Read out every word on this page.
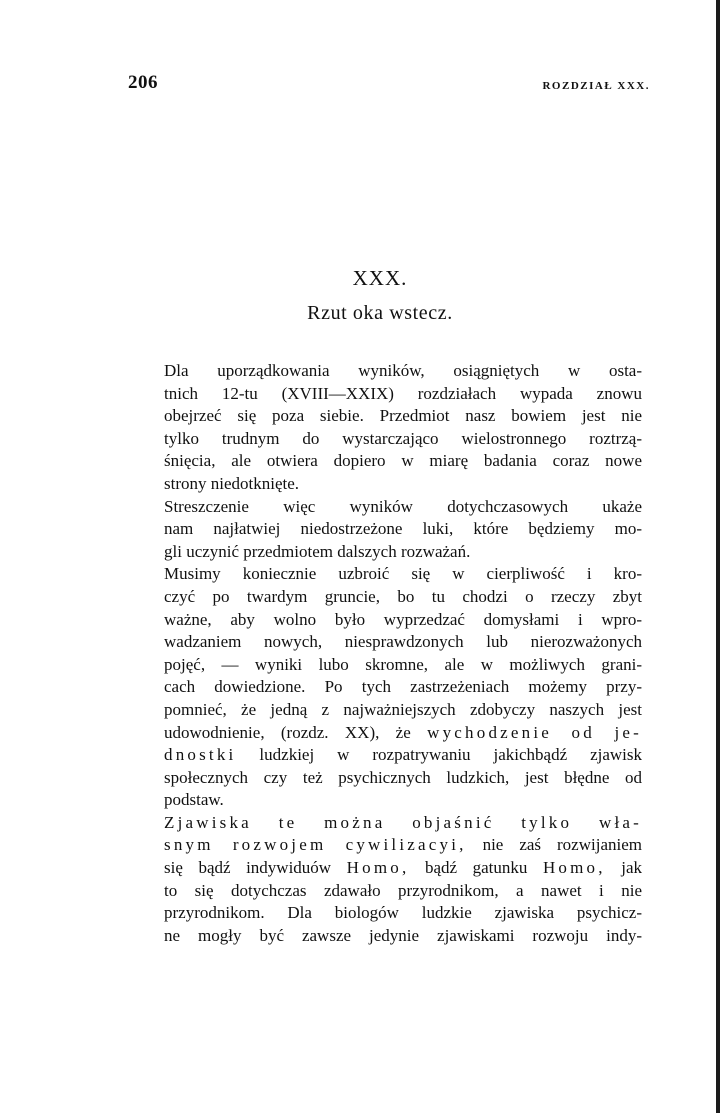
206	ROZDZIAŁ XXX.
XXX.
Rzut oka wstecz.

Dla uporządkowania wyników, osiągniętych w osta-
tnich 12-tu (XVIII—XXIX) rozdziałach wypada znowu
obejrzeć się poza siebie. Przedmiot nasz bowiem jest nie
tylko trudnym do wystarczająco wielostronnego roztrzą-
śnięcia, ale otwiera dopiero w miarę badania coraz nowe
strony niedotknięte.

Streszczenie więc wyników dotychczasowych ukaże
nam najłatwiej niedostrzeżone luki, które będziemy mo-
gli uczynić przedmiotem dalszych rozważań.

Musimy koniecznie uzbroić się w cierpliwość i kro-
czyć po twardym gruncie, bo tu chodzi o rzeczy zbyt
ważne, aby wolno było wyprzedzać domysłami i wpro-
wadzaniem nowych, niesprawdzonych lub nierozważonych
pojęć, — wyniki lubo skromne, ale w możliwych grani-
cach dowiedzione. Po tych zastrzeżeniach możemy przy-
pomnieć, że jedną z najważniejszych zdobyczy naszych jest
udowodnienie, (rozdz. XX), że wychodzenie od je-
dnostki ludzkiej w rozpatrywaniu jakichbądź zjawisk
społecznych czy też psychicznych ludzkich, jest błędne od
podstaw.

Zjawiska te można objaśnić tylko wła-
snym rozwojem cywilizacyi, nie zaś rozwijaniem
się bądź indywiduów Homo, bądź gatunku Homo, jak
to się dotychczas zdawało przyrodnikom, a nawet i nie
przyrodnikom. Dla biologów ludzkie zjawiska psychicz-
ne mogły być zawsze jedynie zjawiskami rozwoju indy-
